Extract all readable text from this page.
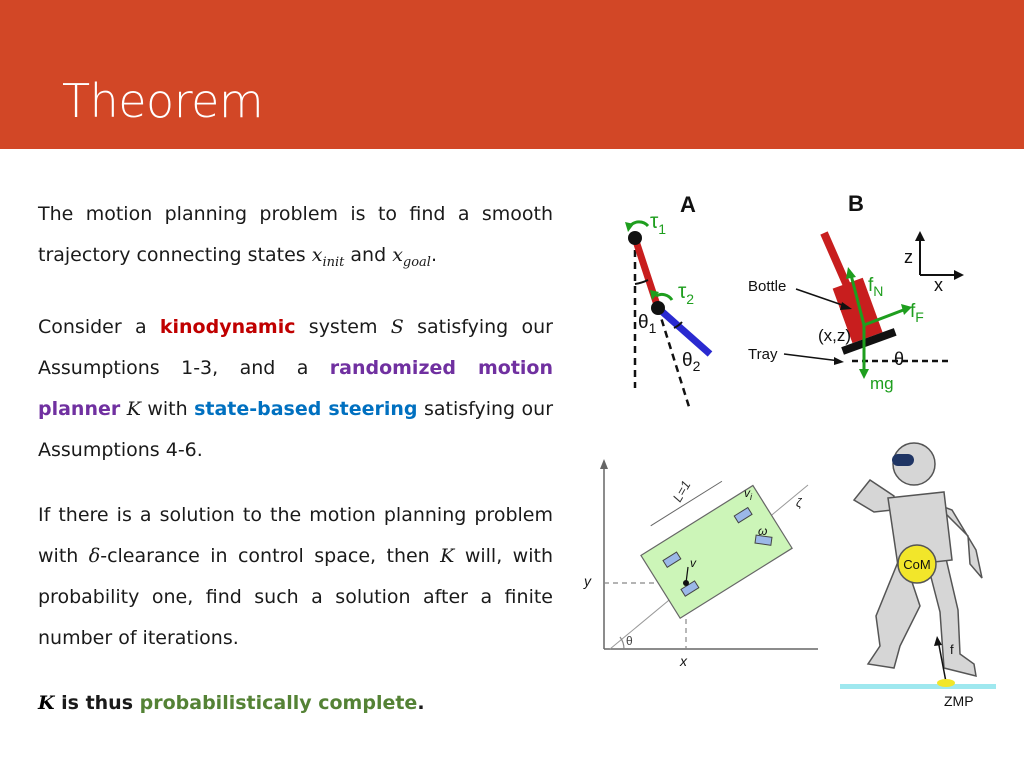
Theorem

The motion planning problem is to find a smooth trajectory connecting states $x_{init}$ and $x_{goal}$.

Consider a kinodynamic system S satisfying our Assumptions 1-3, and a randomized motion planner K with state-based steering satisfying our Assumptions 4-6.

If there is a solution to the motion planning problem with δ-clearance in control space, then K will, with probability one, find such a solution after a finite number of iterations.

K is thus probabilistically complete.

A
$\tau_1$
$\tau_2$
$\theta_1$
$\theta_2$
B
z
x
Bottle
Tray
(x,z)
θ
$f_N$
$f_F$
mg
L=1
v
$v_i$
ω
ζ
y
x
θ
CoM
f
ZMP
